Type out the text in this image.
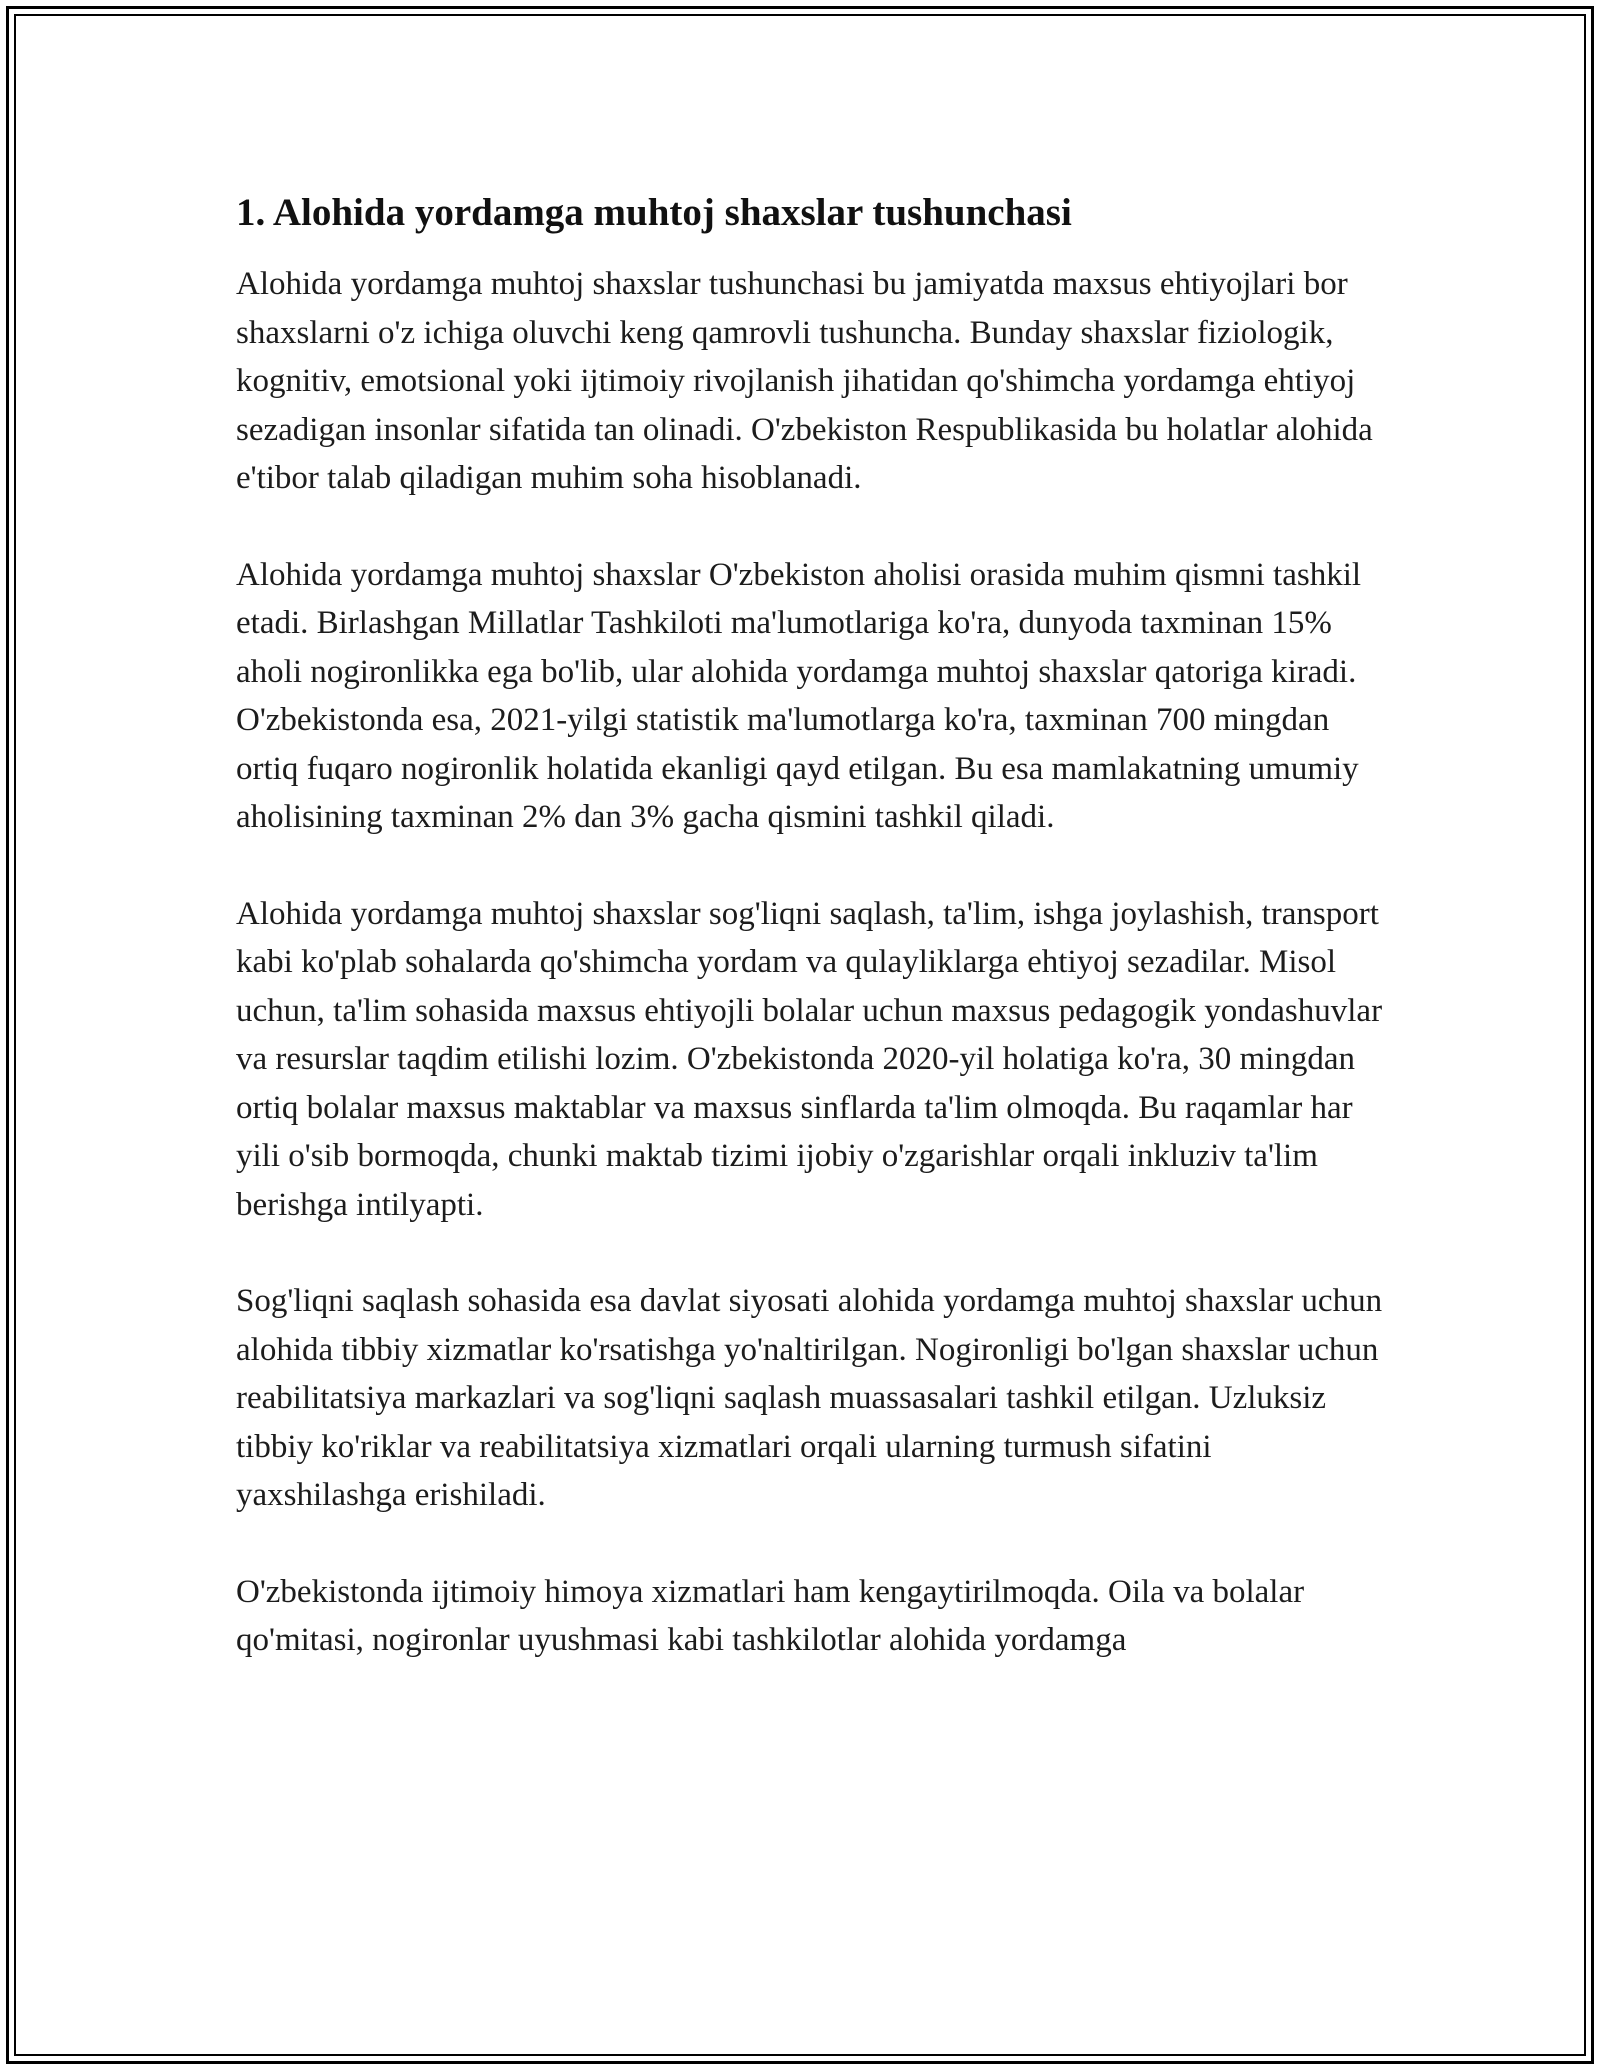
1. Alohida yordamga muhtoj shaxslar tushunchasi

Alohida yordamga muhtoj shaxslar tushunchasi bu jamiyatda maxsus ehtiyojlari bor shaxslarni o'z ichiga oluvchi keng qamrovli tushuncha. Bunday shaxslar fiziologik, kognitiv, emotsional yoki ijtimoiy rivojlanish jihatidan qo'shimcha yordamga ehtiyoj sezadigan insonlar sifatida tan olinadi. O'zbekiston Respublikasida bu holatlar alohida e'tibor talab qiladigan muhim soha hisoblanadi.

Alohida yordamga muhtoj shaxslar O'zbekiston aholisi orasida muhim qismni tashkil etadi. Birlashgan Millatlar Tashkiloti ma'lumotlariga ko'ra, dunyoda taxminan 15% aholi nogironlikka ega bo'lib, ular alohida yordamga muhtoj shaxslar qatoriga kiradi. O'zbekistonda esa, 2021-yilgi statistik ma'lumotlarga ko'ra, taxminan 700 mingdan ortiq fuqaro nogironlik holatida ekanligi qayd etilgan. Bu esa mamlakatning umumiy aholisining taxminan 2% dan 3% gacha qismini tashkil qiladi.

Alohida yordamga muhtoj shaxslar sog'liqni saqlash, ta'lim, ishga joylashish, transport kabi ko'plab sohalarda qo'shimcha yordam va qulayliklarga ehtiyoj sezadilar. Misol uchun, ta'lim sohasida maxsus ehtiyojli bolalar uchun maxsus pedagogik yondashuvlar va resurslar taqdim etilishi lozim. O'zbekistonda 2020-yil holatiga ko'ra, 30 mingdan ortiq bolalar maxsus maktablar va maxsus sinflarda ta'lim olmoqda. Bu raqamlar har yili o'sib bormoqda, chunki maktab tizimi ijobiy o'zgarishlar orqali inkluziv ta'lim berishga intilyapti.

Sog'liqni saqlash sohasida esa davlat siyosati alohida yordamga muhtoj shaxslar uchun alohida tibbiy xizmatlar ko'rsatishga yo'naltirilgan. Nogironligi bo'lgan shaxslar uchun reabilitatsiya markazlari va sog'liqni saqlash muassasalari tashkil etilgan. Uzluksiz tibbiy ko'riklar va reabilitatsiya xizmatlari orqali ularning turmush sifatini yaxshilashga erishiladi.

O'zbekistonda ijtimoiy himoya xizmatlari ham kengaytirilmoqda. Oila va bolalar qo'mitasi, nogironlar uyushmasi kabi tashkilotlar alohida yordamga
